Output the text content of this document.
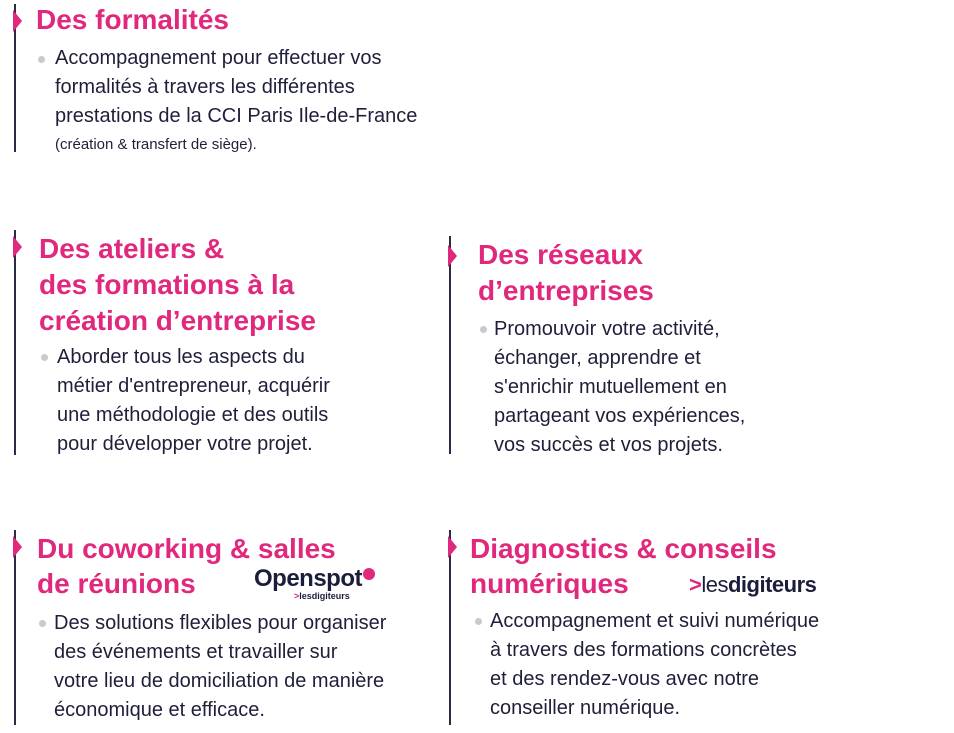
Des formalités
Accompagnement pour effectuer vos
formalités à travers les différentes
prestations de la CCI Paris Ile-de-France
(création & transfert de siège).
Des ateliers &
des formations à la
création d’entreprise
Aborder tous les aspects du
métier d'entrepreneur, acquérir
une méthodologie et des outils
pour développer votre projet.
Des réseaux
d’entreprises
Promouvoir votre activité,
échanger, apprendre et
s'enrichir mutuellement en
partageant vos expériences,
vos succès et vos projets.
Du coworking & salles
de réunions Openspot
>lesdigiteurs
Des solutions flexibles pour organiser
des événements et travailler sur
votre lieu de domiciliation de manière
économique et efficace.
Diagnostics & conseils
numériques	>lesdigiteurs
Accompagnement et suivi numérique
à travers des formations concrètes
et des rendez-vous avec notre
conseiller numérique.
